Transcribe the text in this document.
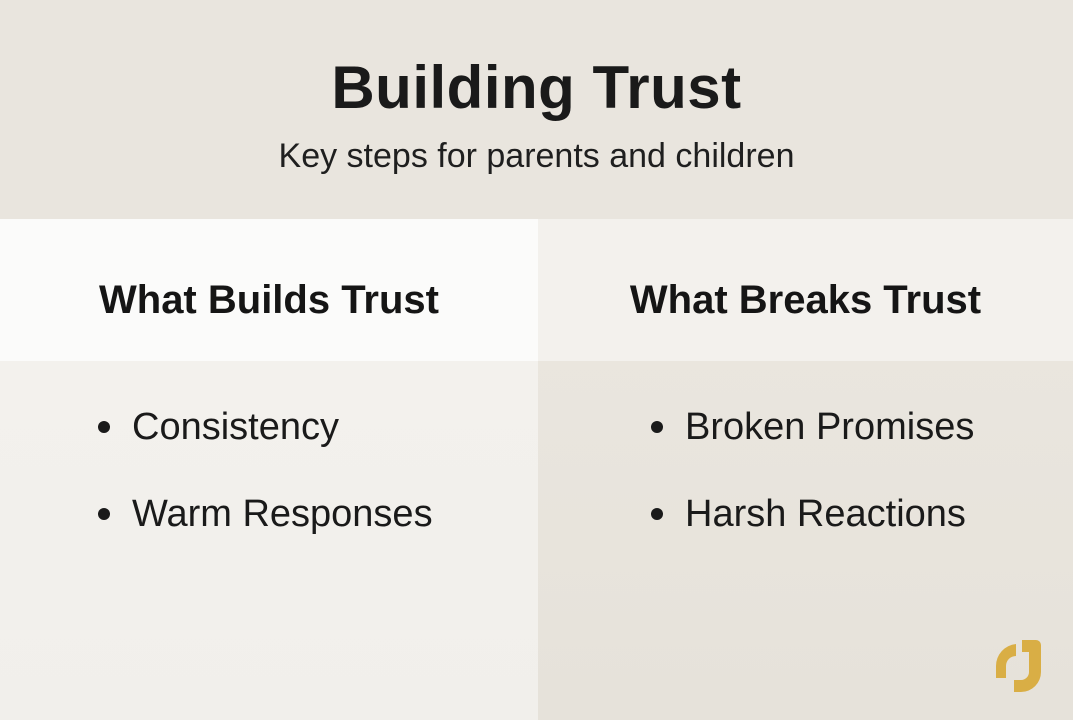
Building Trust
Key steps for parents and children
What Builds Trust
Consistency
Warm Responses
What Breaks Trust
Broken Promises
Harsh Reactions
